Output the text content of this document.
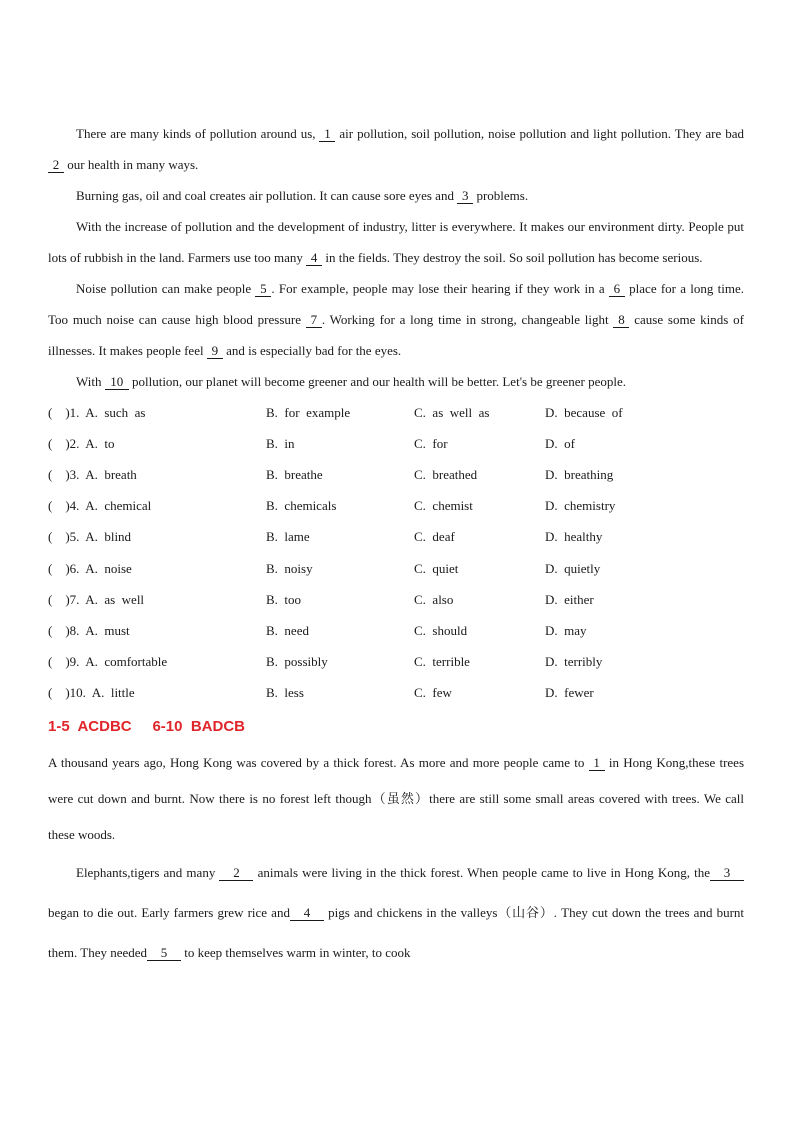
There are many kinds of pollution around us, 1 air pollution, soil pollution, noise pollution and light pollution. They are bad 2 our health in many ways.

Burning gas, oil and coal creates air pollution. It can cause sore eyes and 3 problems.

With the increase of pollution and the development of industry, litter is everywhere. It makes our environment dirty. People put lots of rubbish in the land. Farmers use too many 4 in the fields. They destroy the soil. So soil pollution has become serious.

Noise pollution can make people 5 . For example, people may lose their hearing if they work in a 6 place for a long time. Too much noise can cause high blood pressure 7 . Working for a long time in strong, changeable light 8 cause some kinds of illnesses. It makes people feel 9 and is especially bad for the eyes.

With 10 pollution, our planet will become greener and our health will be better. Let's be greener people.

(    )1.  A.  such  as	B.  for  example	C.  as  well  as	D.  because  of
(    )2.  A.  to	B.  in	C.  for	D.  of
(    )3.  A.  breath	B.  breathe	C.  breathed	D.  breathing
(    )4.  A.  chemical	B.  chemicals	C.  chemist	D.  chemistry
(    )5.  A.  blind	B.  lame	C.  deaf	D.  healthy
(    )6.  A.  noise	B.  noisy	C.  quiet	D.  quietly
(    )7.  A.  as  well	B.  too	C.  also	D.  either
(    )8.  A.  must	B.  need	C.  should	D.  may
(    )9.  A.  comfortable	B.  possibly	C.  terrible	D.  terribly
(    )10.  A.  little	B.  less	C.  few	D.  fewer
1-5  ACDBC     6-10  BADCB

A thousand years ago, Hong Kong was covered by a thick forest. As more and more people came to 1 in Hong Kong,these trees were cut down and burnt. Now there is no forest left though（虽然）there are still some small areas covered with trees. We call these woods.

Elephants,tigers and many 2 animals were living in the thick forest. When people came to live in Hong Kong, the 3 began to die out. Early farmers grew rice and 4 pigs and chickens in the valleys（山谷）. They cut down the trees and burnt them. They needed 5 to keep themselves warm in winter, to cook
